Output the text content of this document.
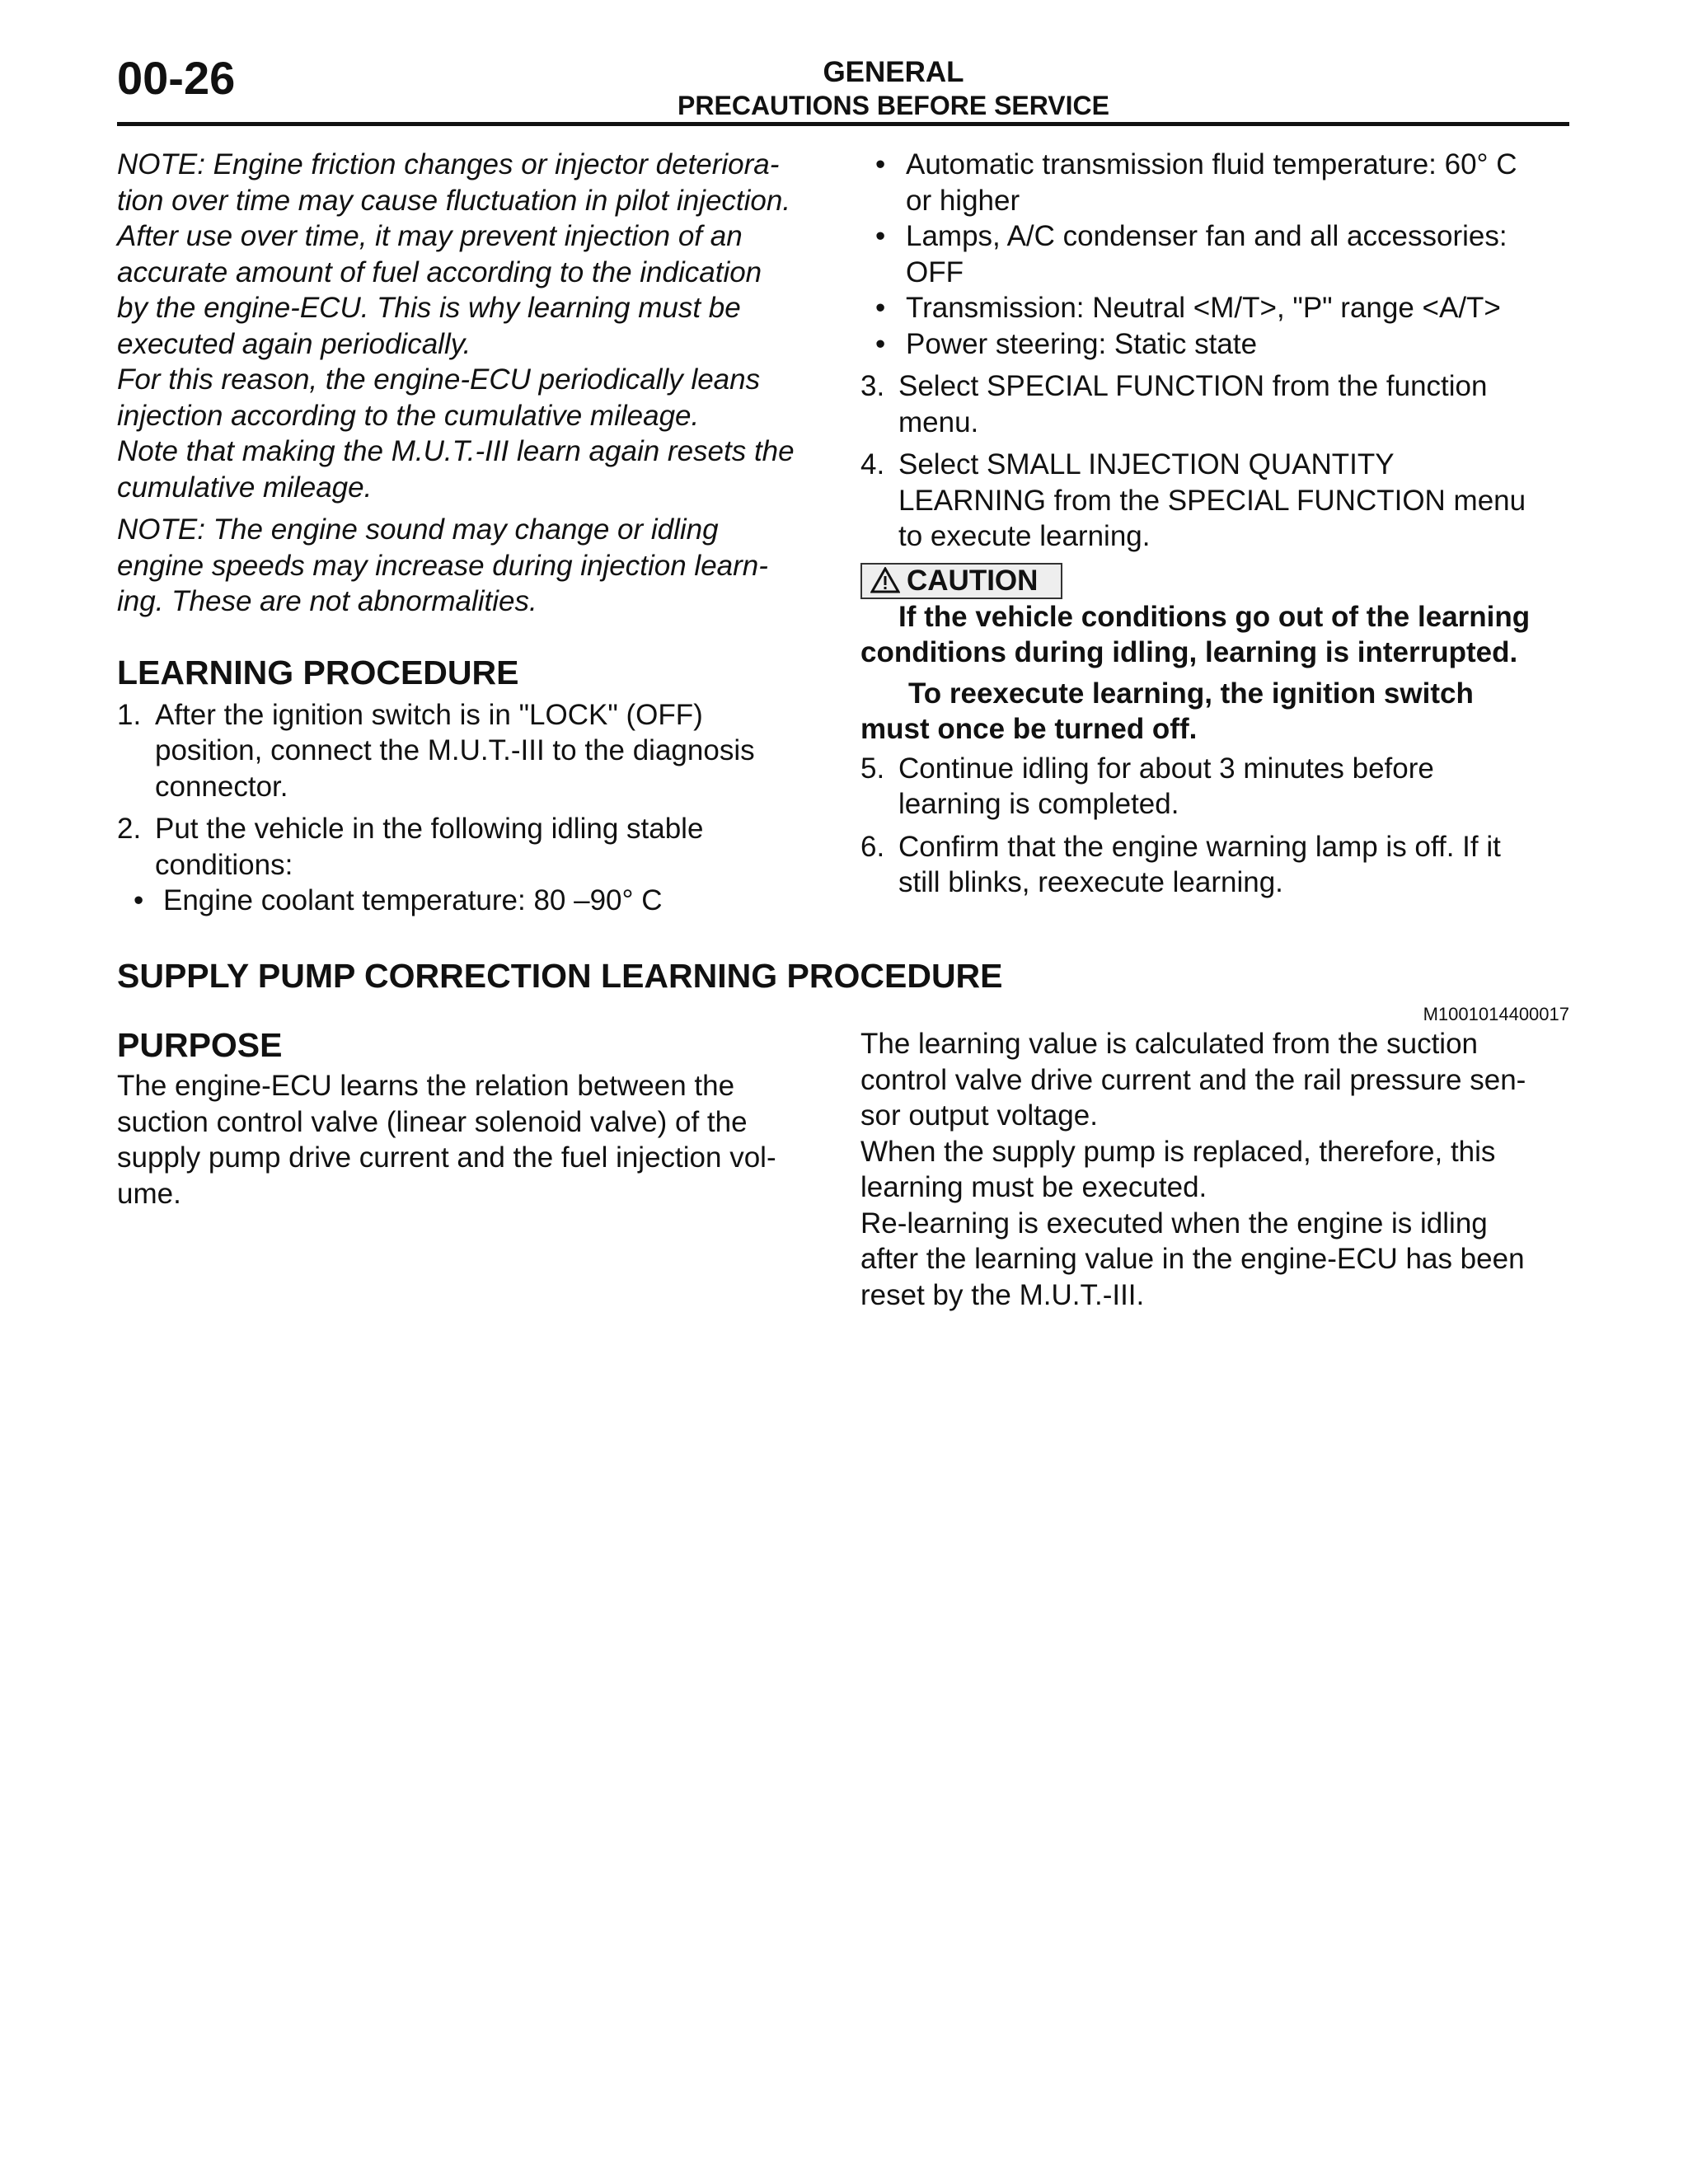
00-26	GENERAL
PRECAUTIONS BEFORE SERVICE

NOTE: Engine friction changes or injector deteriora-

tion over time may cause fluctuation in pilot injection.

After use over time, it may prevent injection of an

accurate amount of fuel according to the indication

by the engine-ECU. This is why learning must be

executed again periodically.

For this reason, the engine-ECU periodically leans

injection according to the cumulative mileage.

Note that making the M.U.T.-III learn again resets the

cumulative mileage.

NOTE: The engine sound may change or idling

engine speeds may increase during injection learn-

ing. These are not abnormalities.

LEARNING PROCEDURE
1. After the ignition switch is in "LOCK" (OFF)
position, connect the M.U.T.-III to the diagnosis
connector.
2. Put the vehicle in the following idling stable
conditions:
• Engine coolant temperature: 80 –90° C
• Automatic transmission fluid temperature: 60° C
or higher
• Lamps, A/C condenser fan and all accessories:
OFF
• Transmission: Neutral <M/T>, "P" range <A/T>
• Power steering: Static state
3. Select SPECIAL FUNCTION from the function
menu.
4. Select SMALL INJECTION QUANTITY
LEARNING from the SPECIAL FUNCTION menu
to execute learning.
CAUTION
If the vehicle conditions go out of the learning
conditions during idling, learning is interrupted.
To reexecute learning, the ignition switch
must once be turned off.
5. Continue idling for about 3 minutes before
learning is completed.
6. Confirm that the engine warning lamp is off. If it
still blinks, reexecute learning.
SUPPLY PUMP CORRECTION LEARNING PROCEDURE
M1001014400017
PURPOSE

The engine-ECU learns the relation between the

suction control valve (linear solenoid valve) of the

supply pump drive current and the fuel injection vol-

ume.

The learning value is calculated from the suction

control valve drive current and the rail pressure sen-

sor output voltage.

When the supply pump is replaced, therefore, this

learning must be executed.

Re-learning is executed when the engine is idling

after the learning value in the engine-ECU has been

reset by the M.U.T.-III.
